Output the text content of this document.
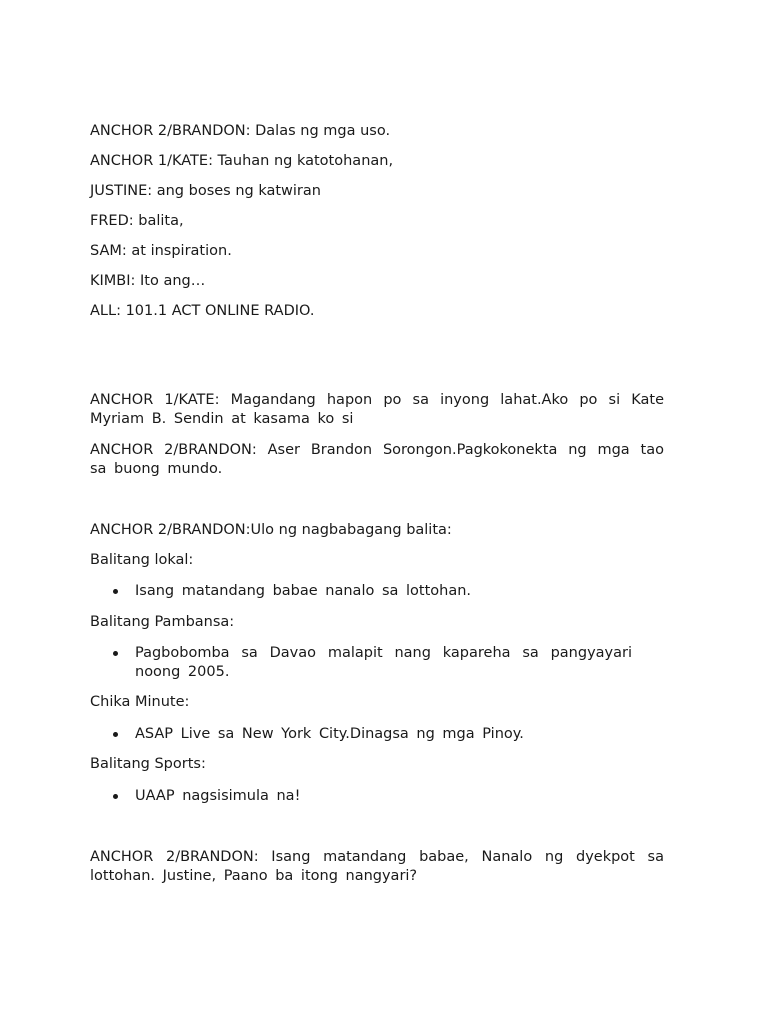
ANCHOR 2/BRANDON: Dalas ng mga uso.

ANCHOR 1/KATE: Tauhan ng katotohanan,

JUSTINE: ang boses ng katwiran

FRED: balita,

SAM: at inspiration.

KIMBI: Ito ang…

ALL: 101.1 ACT ONLINE RADIO.

ANCHOR 1/KATE: Magandang hapon po sa inyong lahat.Ako po si Kate Myriam B. Sendin at kasama ko si

ANCHOR 2/BRANDON: Aser Brandon Sorongon.Pagkokonekta ng mga tao sa buong mundo.

ANCHOR 2/BRANDON:Ulo ng nagbabagang balita:

Balitang lokal:

Isang matandang babae nanalo sa lottohan.

Balitang Pambansa:

Pagbobomba sa Davao malapit nang kapareha sa pangyayari noong 2005.

Chika Minute:

ASAP Live sa New York City.Dinagsa ng mga Pinoy.

Balitang Sports:

UAAP nagsisimula na!

ANCHOR 2/BRANDON: Isang matandang babae, Nanalo ng dyekpot sa lottohan. Justine, Paano ba itong nangyari?
